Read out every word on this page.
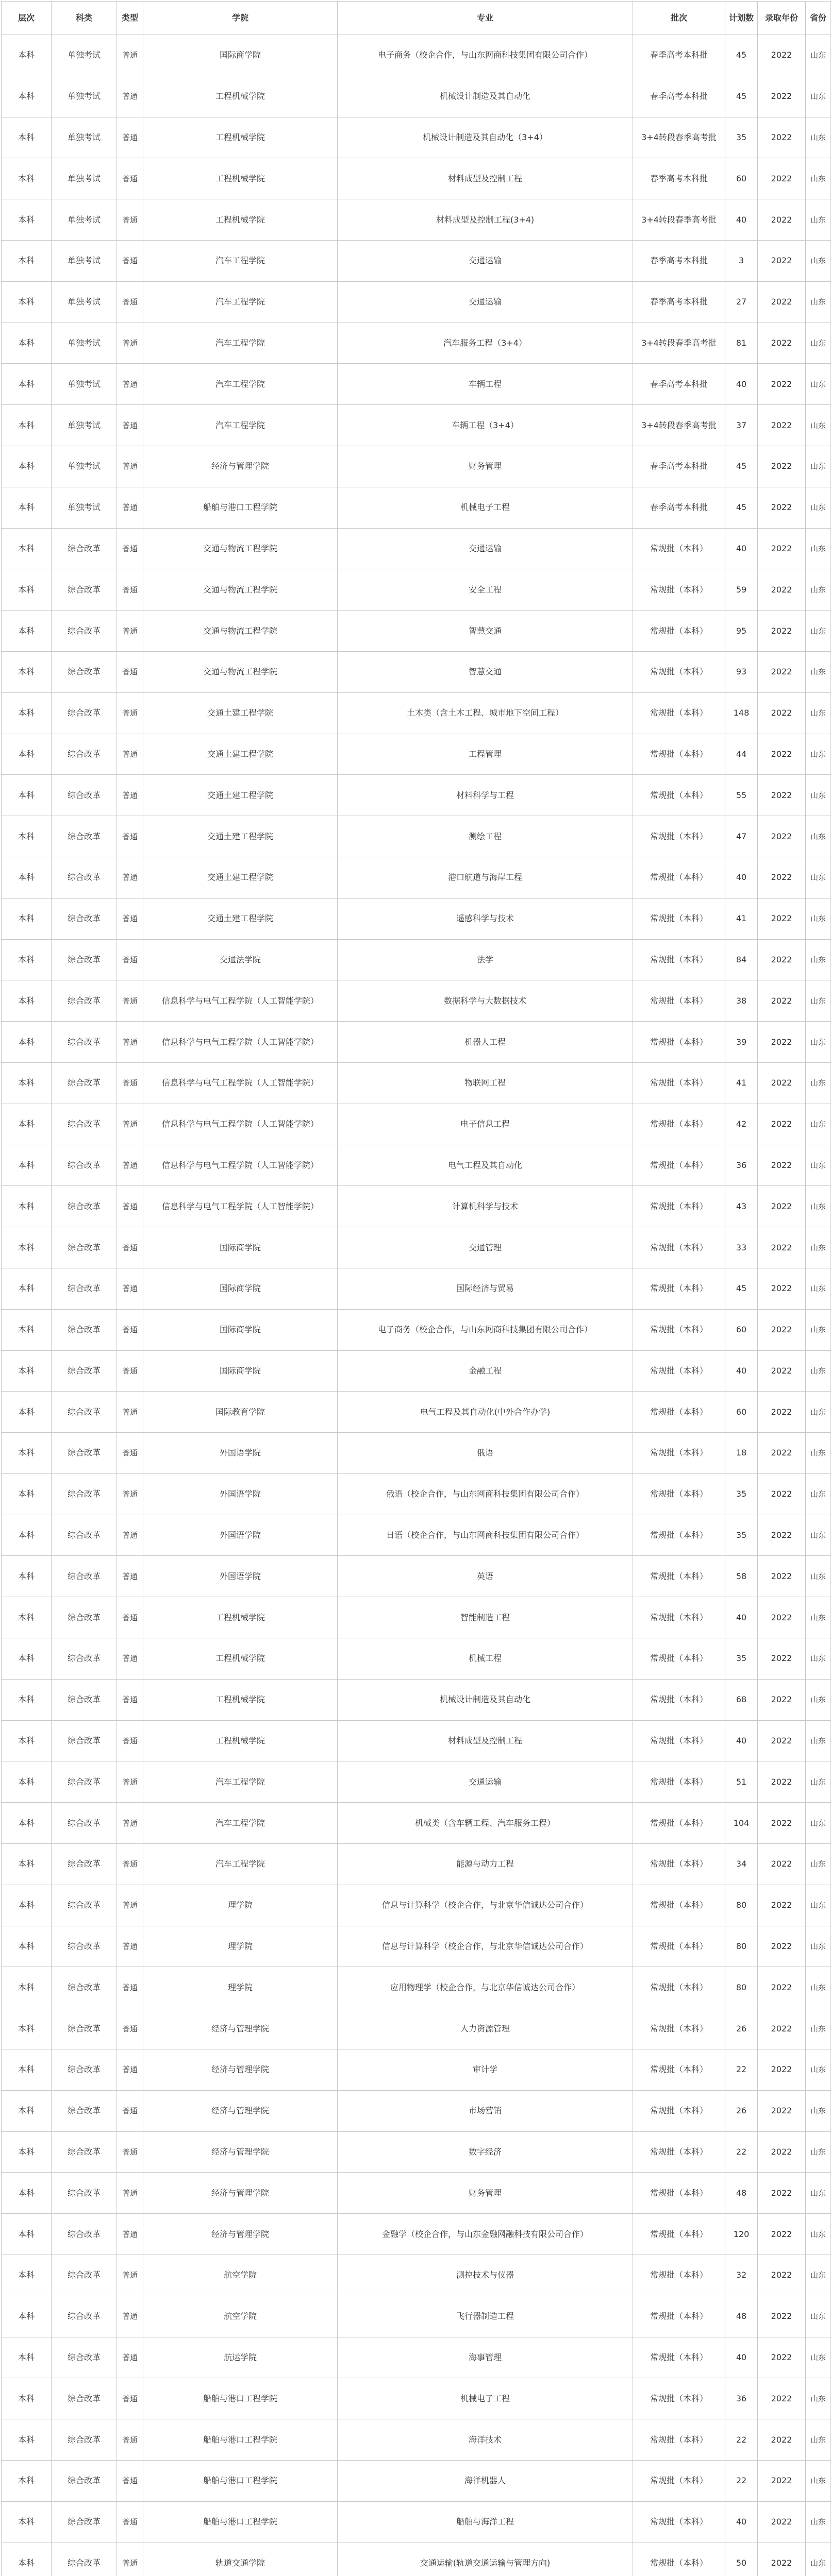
层次	科类	类型	学院	专业	批次	计划数	录取年份	省份
本科	单独考试	普通	国际商学院	电子商务（校企合作，与山东网商科技集团有限公司合作）	春季高考本科批	45	2022	山东
本科	单独考试	普通	工程机械学院	机械设计制造及其自动化	春季高考本科批	45	2022	山东
本科	单独考试	普通	工程机械学院	机械设计制造及其自动化（3+4）	3+4转段春季高考批	35	2022	山东
本科	单独考试	普通	工程机械学院	材料成型及控制工程	春季高考本科批	60	2022	山东
本科	单独考试	普通	工程机械学院	材料成型及控制工程(3+4)	3+4转段春季高考批	40	2022	山东
本科	单独考试	普通	汽车工程学院	交通运输	春季高考本科批	3	2022	山东
本科	单独考试	普通	汽车工程学院	交通运输	春季高考本科批	27	2022	山东
本科	单独考试	普通	汽车工程学院	汽车服务工程（3+4）	3+4转段春季高考批	81	2022	山东
本科	单独考试	普通	汽车工程学院	车辆工程	春季高考本科批	40	2022	山东
本科	单独考试	普通	汽车工程学院	车辆工程（3+4）	3+4转段春季高考批	37	2022	山东
本科	单独考试	普通	经济与管理学院	财务管理	春季高考本科批	45	2022	山东
本科	单独考试	普通	船舶与港口工程学院	机械电子工程	春季高考本科批	45	2022	山东
本科	综合改革	普通	交通与物流工程学院	交通运输	常规批（本科）	40	2022	山东
本科	综合改革	普通	交通与物流工程学院	安全工程	常规批（本科）	59	2022	山东
本科	综合改革	普通	交通与物流工程学院	智慧交通	常规批（本科）	95	2022	山东
本科	综合改革	普通	交通与物流工程学院	智慧交通	常规批（本科）	93	2022	山东
本科	综合改革	普通	交通土建工程学院	土木类（含土木工程、城市地下空间工程）	常规批（本科）	148	2022	山东
本科	综合改革	普通	交通土建工程学院	工程管理	常规批（本科）	44	2022	山东
本科	综合改革	普通	交通土建工程学院	材料科学与工程	常规批（本科）	55	2022	山东
本科	综合改革	普通	交通土建工程学院	测绘工程	常规批（本科）	47	2022	山东
本科	综合改革	普通	交通土建工程学院	港口航道与海岸工程	常规批（本科）	40	2022	山东
本科	综合改革	普通	交通土建工程学院	遥感科学与技术	常规批（本科）	41	2022	山东
本科	综合改革	普通	交通法学院	法学	常规批（本科）	84	2022	山东
本科	综合改革	普通	信息科学与电气工程学院（人工智能学院）	数据科学与大数据技术	常规批（本科）	38	2022	山东
本科	综合改革	普通	信息科学与电气工程学院（人工智能学院）	机器人工程	常规批（本科）	39	2022	山东
本科	综合改革	普通	信息科学与电气工程学院（人工智能学院）	物联网工程	常规批（本科）	41	2022	山东
本科	综合改革	普通	信息科学与电气工程学院（人工智能学院）	电子信息工程	常规批（本科）	42	2022	山东
本科	综合改革	普通	信息科学与电气工程学院（人工智能学院）	电气工程及其自动化	常规批（本科）	36	2022	山东
本科	综合改革	普通	信息科学与电气工程学院（人工智能学院）	计算机科学与技术	常规批（本科）	43	2022	山东
本科	综合改革	普通	国际商学院	交通管理	常规批（本科）	33	2022	山东
本科	综合改革	普通	国际商学院	国际经济与贸易	常规批（本科）	45	2022	山东
本科	综合改革	普通	国际商学院	电子商务（校企合作，与山东网商科技集团有限公司合作）	常规批（本科）	60	2022	山东
本科	综合改革	普通	国际商学院	金融工程	常规批（本科）	40	2022	山东
本科	综合改革	普通	国际教育学院	电气工程及其自动化(中外合作办学)	常规批（本科）	60	2022	山东
本科	综合改革	普通	外国语学院	俄语	常规批（本科）	18	2022	山东
本科	综合改革	普通	外国语学院	俄语（校企合作，与山东网商科技集团有限公司合作）	常规批（本科）	35	2022	山东
本科	综合改革	普通	外国语学院	日语（校企合作，与山东网商科技集团有限公司合作）	常规批（本科）	35	2022	山东
本科	综合改革	普通	外国语学院	英语	常规批（本科）	58	2022	山东
本科	综合改革	普通	工程机械学院	智能制造工程	常规批（本科）	40	2022	山东
本科	综合改革	普通	工程机械学院	机械工程	常规批（本科）	35	2022	山东
本科	综合改革	普通	工程机械学院	机械设计制造及其自动化	常规批（本科）	68	2022	山东
本科	综合改革	普通	工程机械学院	材料成型及控制工程	常规批（本科）	40	2022	山东
本科	综合改革	普通	汽车工程学院	交通运输	常规批（本科）	51	2022	山东
本科	综合改革	普通	汽车工程学院	机械类（含车辆工程、汽车服务工程）	常规批（本科）	104	2022	山东
本科	综合改革	普通	汽车工程学院	能源与动力工程	常规批（本科）	34	2022	山东
本科	综合改革	普通	理学院	信息与计算科学（校企合作，与北京华信诚达公司合作）	常规批（本科）	80	2022	山东
本科	综合改革	普通	理学院	信息与计算科学（校企合作，与北京华信诚达公司合作）	常规批（本科）	80	2022	山东
本科	综合改革	普通	理学院	应用物理学（校企合作，与北京华信诚达公司合作）	常规批（本科）	80	2022	山东
本科	综合改革	普通	经济与管理学院	人力资源管理	常规批（本科）	26	2022	山东
本科	综合改革	普通	经济与管理学院	审计学	常规批（本科）	22	2022	山东
本科	综合改革	普通	经济与管理学院	市场营销	常规批（本科）	26	2022	山东
本科	综合改革	普通	经济与管理学院	数字经济	常规批（本科）	22	2022	山东
本科	综合改革	普通	经济与管理学院	财务管理	常规批（本科）	48	2022	山东
本科	综合改革	普通	经济与管理学院	金融学（校企合作，与山东金融网融科技有限公司合作）	常规批（本科）	120	2022	山东
本科	综合改革	普通	航空学院	测控技术与仪器	常规批（本科）	32	2022	山东
本科	综合改革	普通	航空学院	飞行器制造工程	常规批（本科）	48	2022	山东
本科	综合改革	普通	航运学院	海事管理	常规批（本科）	40	2022	山东
本科	综合改革	普通	船舶与港口工程学院	机械电子工程	常规批（本科）	36	2022	山东
本科	综合改革	普通	船舶与港口工程学院	海洋技术	常规批（本科）	22	2022	山东
本科	综合改革	普通	船舶与港口工程学院	海洋机器人	常规批（本科）	22	2022	山东
本科	综合改革	普通	船舶与港口工程学院	船舶与海洋工程	常规批（本科）	40	2022	山东
本科	综合改革	普通	轨道交通学院	交通运输(轨道交通运输与管理方向)	常规批（本科）	50	2022	山东
